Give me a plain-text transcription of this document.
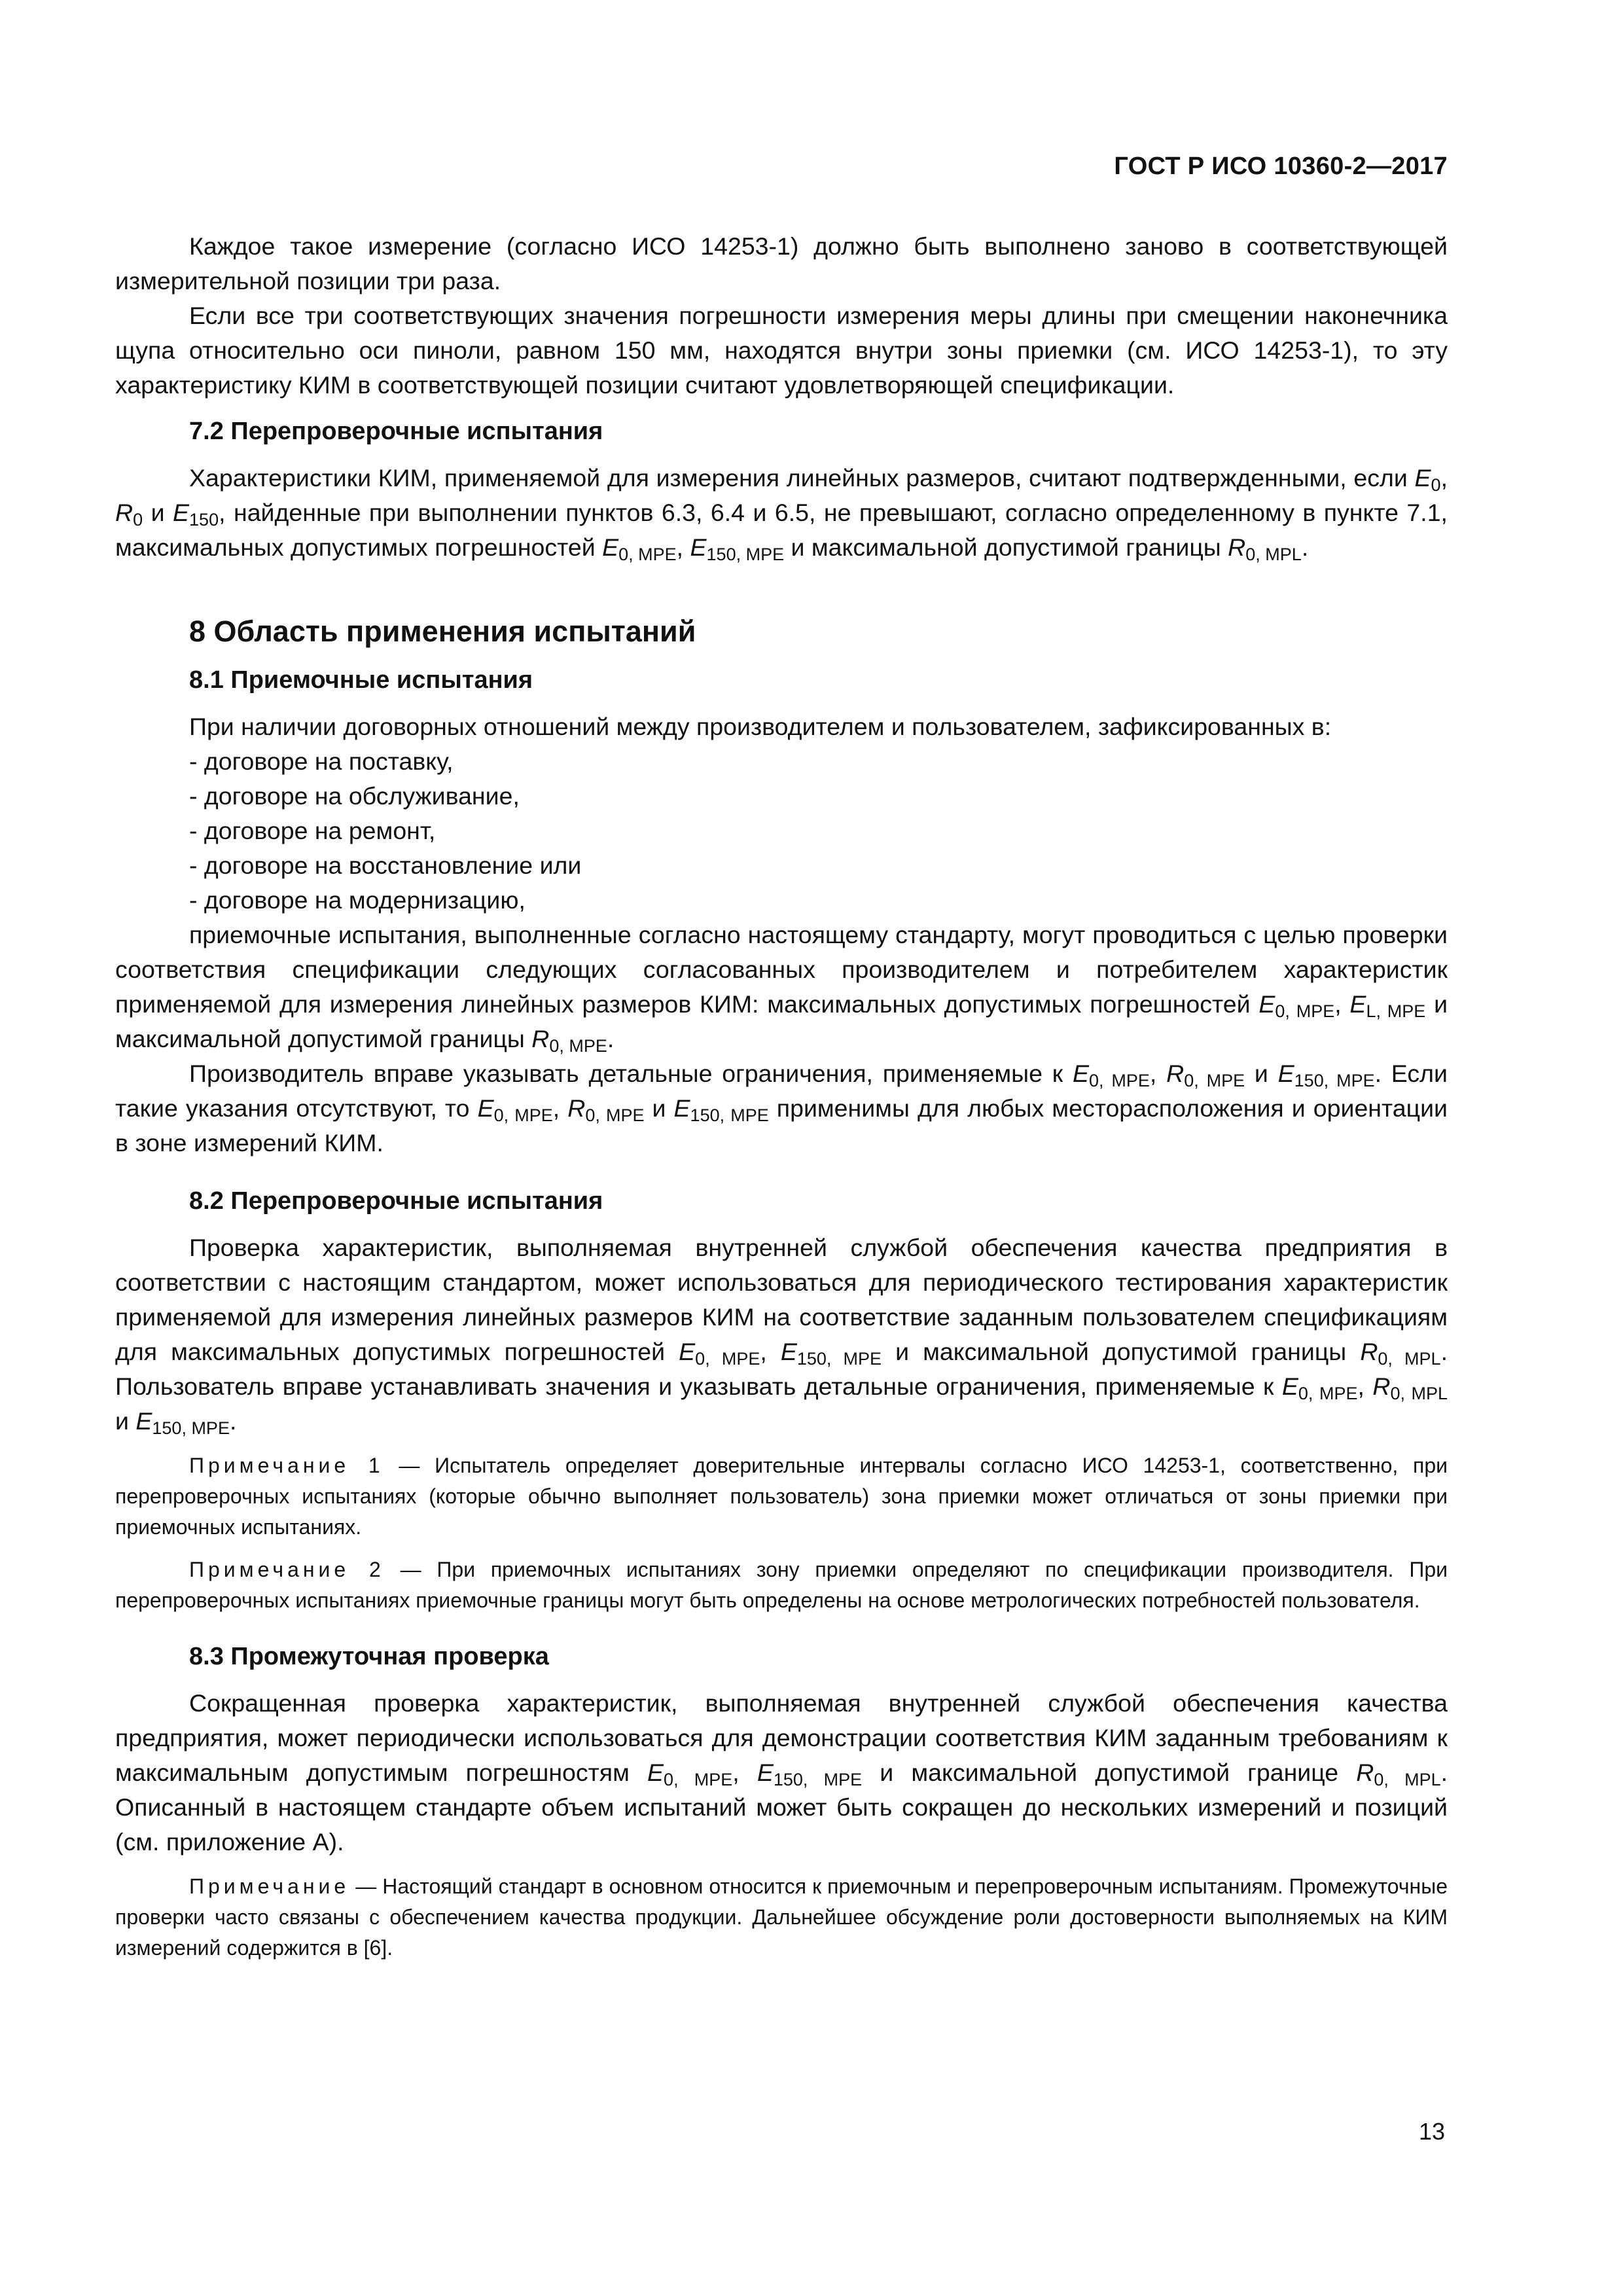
ГОСТ Р ИСО 10360-2—2017

Каждое такое измерение (согласно ИСО 14253-1) должно быть выполнено заново в соответствующей измерительной позиции три раза.

Если все три соответствующих значения погрешности измерения меры длины при смещении наконечника щупа относительно оси пиноли, равном 150 мм, находятся внутри зоны приемки (см. ИСО 14253-1), то эту характеристику КИМ в соответствующей позиции считают удовлетворяющей спецификации.

7.2 Перепроверочные испытания

Характеристики КИМ, применяемой для измерения линейных размеров, считают подтвержденными, если $E_0$, $R_0$ и $E_{150}$, найденные при выполнении пунктов 6.3, 6.4 и 6.5, не превышают, согласно определенному в пункте 7.1, максимальных допустимых погрешностей $E_{0, MPE}$, $E_{150, MPE}$ и максимальной допустимой границы $R_{0, MPL}$.

8 Область применения испытаний
8.1 Приемочные испытания

При наличии договорных отношений между производителем и пользователем, зафиксированных в:

- договоре на поставку,

- договоре на обслуживание,

- договоре на ремонт,

- договоре на восстановление или

- договоре на модернизацию,

приемочные испытания, выполненные согласно настоящему стандарту, могут проводиться с целью проверки соответствия спецификации следующих согласованных производителем и потребителем характеристик применяемой для измерения линейных размеров КИМ: максимальных допустимых погрешностей $E_{0, MPE}$, $E_{L, MPE}$ и максимальной допустимой границы $R_{0, MPE}$.

Производитель вправе указывать детальные ограничения, применяемые к $E_{0, MPE}$, $R_{0, MPE}$ и $E_{150, MPE}$. Если такие указания отсутствуют, то $E_{0, MPE}$, $R_{0, MPE}$ и $E_{150, MPE}$ применимы для любых месторасположения и ориентации в зоне измерений КИМ.

8.2 Перепроверочные испытания

Проверка характеристик, выполняемая внутренней службой обеспечения качества предприятия в соответствии с настоящим стандартом, может использоваться для периодического тестирования характеристик применяемой для измерения линейных размеров КИМ на соответствие заданным пользователем спецификациям для максимальных допустимых погрешностей $E_{0, MPE}$, $E_{150, MPE}$ и максимальной допустимой границы $R_{0, MPL}$. Пользователь вправе устанавливать значения и указывать детальные ограничения, применяемые к $E_{0, MPE}$, $R_{0, MPL}$ и $E_{150, MPE}$.

Примечание 1 — Испытатель определяет доверительные интервалы согласно ИСО 14253-1, соответственно, при перепроверочных испытаниях (которые обычно выполняет пользователь) зона приемки может отличаться от зоны приемки при приемочных испытаниях.

Примечание 2 — При приемочных испытаниях зону приемки определяют по спецификации производителя. При перепроверочных испытаниях приемочные границы могут быть определены на основе метрологических потребностей пользователя.

8.3 Промежуточная проверка

Сокращенная проверка характеристик, выполняемая внутренней службой обеспечения качества предприятия, может периодически использоваться для демонстрации соответствия КИМ заданным требованиям к максимальным допустимым погрешностям $E_{0, MPE}$, $E_{150, MPE}$ и максимальной допустимой границе $R_{0, MPL}$. Описанный в настоящем стандарте объем испытаний может быть сокращен до нескольких измерений и позиций (см. приложение А).

Примечание — Настоящий стандарт в основном относится к приемочным и перепроверочным испытаниям. Промежуточные проверки часто связаны с обеспечением качества продукции. Дальнейшее обсуждение роли достоверности выполняемых на КИМ измерений содержится в [6].

13
